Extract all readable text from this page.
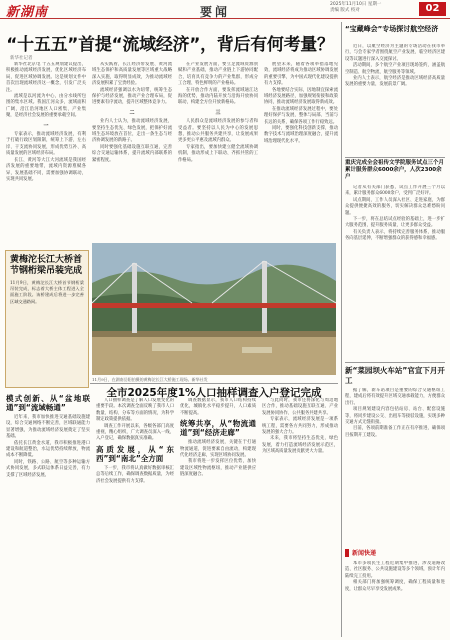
新湖南	要闻
2025年11月10日 星期一
责编 版式 校对	02
“十五五”首提“流域经济”，背后有何考量？
新华社记者

新华社北京电 十五五规划建议提出，积极推动流域经济发展，优化区域经济布局，促进区域协调发展。这是规划文件中首次出现流域经济这一概念，引发广泛关注。

流域是以河流为中心，由分水线所包围的集水区域。我国江河众多，流域面积广阔，沿江沿河地区人口密集、产业集聚，是经济社会发展的重要承载空间。

一

专家表示，推动流域经济发展，有利于打破行政区划限制，统筹上下游、左右岸、干支流协同发展，形成优势互补、高质量发展的区域经济布局。

长江、黄河等大江大河流域是我国经济发展的重要地带，流域内资源禀赋各异，发展基础不同，需要加强协调联动，实现共同发展。

从实践看，长江经济带发展、黄河流域生态保护和高质量发展等区域重大战略深入实施，取得明显成效，为推动流域经济发展积累了宝贵经验。

流域经济强调以水为纽带，统筹生态保护与经济发展，推动产业合理布局，促进要素有序流动，提升区域整体竞争力。

二

业内人士认为，推动流域经济发展，要坚持生态优先、绿色发展，把保护好流域生态环境放在首位，走出一条生态与经济协调发展的新路子。

同时要强化基础设施互联互通，完善综合交通运输体系，提升流域内部联系的紧密程度。

在产业发展方面，要立足流域资源禀赋和产业基础，推动产业链上下游协同配合，培育具有竞争力的产业集群，形成分工合理、特色鲜明的产业格局。

在开放合作方面，要发挥流域通江达海的优势，推动内陆开放与沿海开放协同联动，构建全方位开放新格局。

三

人民群众是流域经济发展的参与者和受益者。要坚持以人民为中心的发展思想，推动公共服务共建共享，让发展成果更多更公平惠及流域内群众。

专家指出，要加快建立健全流域协调机制，推动形成上下联动、齐抓共管的工作格局。

展望未来，随着各项举措落地见效，流域经济将成为推动区域协调发展的重要引擎，为中国式现代化建设提供有力支撑。

各地要结合实际，因地制宜探索流域经济发展路径，加强规划衔接和政策协同，推动流域经济发展取得新成效。

在推动流域经济发展过程中，要处理好保护与发展、整体与局部、当前与长远的关系，确保各项工作行稳致远。

同时，要强化科技创新支撑，推动数字技术与流域治理深度融合，提升流域治理现代化水平。

黄梅沱长江大桥首节钢桁梁吊装完成
11月9日，黄梅沱长江大桥首节钢桁梁吊装完成，标志着大桥主体工程进入全面施工阶段。该桥建成后将进一步完善区域交通路网。
11月9日，在湖南岳阳拍摄的黄梅沱长江大桥施工现场。新华社发
全市2025年度1%人口抽样调查入户登记完成
模式创新、从“盆地联通”到“流域畅通”

近年来，我市加快推进交通基础设施建设，综合交通网络不断完善，区域联通能力显著增强，为推动流域经济发展奠定了坚实基础。

依托长江黄金水道，我市积极推进港口建设和航道整治，水运优势持续释放，物流成本不断降低。

同时，铁路、公路、航空等多种运输方式协同发展，多式联运体系日益完善，有力支撑了区域经济发展。

人口抽样调查是了解人口发展变化的重要手段。本次调查全面反映了我市人口数量、结构、分布等方面的情况，为科学制定政策提供依据。

调查工作开展以来，各级各部门高度重视，精心组织，广大调查员深入一线、入户登记，确保数据真实准确。

高质发展，从“东西”到“南北”全方面

下一步，我市将认真做好数据审核汇总等后续工作，确保调查数据质量，为经济社会发展提供有力支撑。

调查数据显示，我市人口结构持续优化，城镇化水平稳步提升，人口素质不断提高。

统筹共享，从“物流通道”到“经济走廊”

推动流域经济发展，关键在于打通物流通道，促进要素自由流动，构建现代化经济走廊，实现区域协同发展。

我市将进一步发挥区位优势，加快建设区域性物流枢纽，推动产业链供应链深度融合。

与此同时，我市还将深化与周边地区合作，推动基础设施互联互通、产业发展协同协作、公共服务共建共享。

专家表示，流域经济发展是一项系统工程，需要各方共同努力，形成推动发展的强大合力。

未来，我市将坚持生态优先、绿色发展，着力打造流域经济发展示范区，为区域高质量发展贡献更大力量。

“宝藏峰会”专场探讨航空经济

近日，以航空经济为主题的专场活动在我市举行，与会专家学者围绕航空产业发展、临空经济区建设等议题进行深入交流探讨。

活动期间，多个航空产业项目现场签约，涵盖航空制造、航空物流、航空服务等领域。

业内人士表示，航空经济是推动区域经济高质量发展的重要力量，发展前景广阔。

重庆完成全会祖传文学院服务试点三个月累计服务群众6000余户，人次2300余户

记者从有关部门获悉，试点工作开展三个月以来，累计服务群众6000余户，受到广泛好评。

试点期间，工作人员深入社区、走进家庭，为群众提供便捷高效的服务，切实解决群众急难愁盼问题。

下一步，将在总结试点经验的基础上，进一步扩大服务范围，提升服务质量，让更多群众受益。

有关负责人表示，将持续完善服务体系，推动服务向基层延伸，不断增强群众的获得感和幸福感。

新“菜园坝火车站”官宣下月开工

据了解，新车站项目是重要的综合交通枢纽工程，建成后将有效提升区域交通承载能力，方便群众出行。

项目规划建设内容包括站房、站台、配套设施等，将同步建设公交、出租车等接驳设施，实现多种交通方式无缝衔接。

目前，各项前期准备工作正在有序推进，确保项目按期开工建设。

新闻快递

本市多项民生工程近期集中推进，涉及道路改造、社区服务、公共设施建设等多个领域，预计年内陆续完工投用。

相关部门将加强统筹调度，确保工程质量和进度，让群众尽早享受发展成果。
